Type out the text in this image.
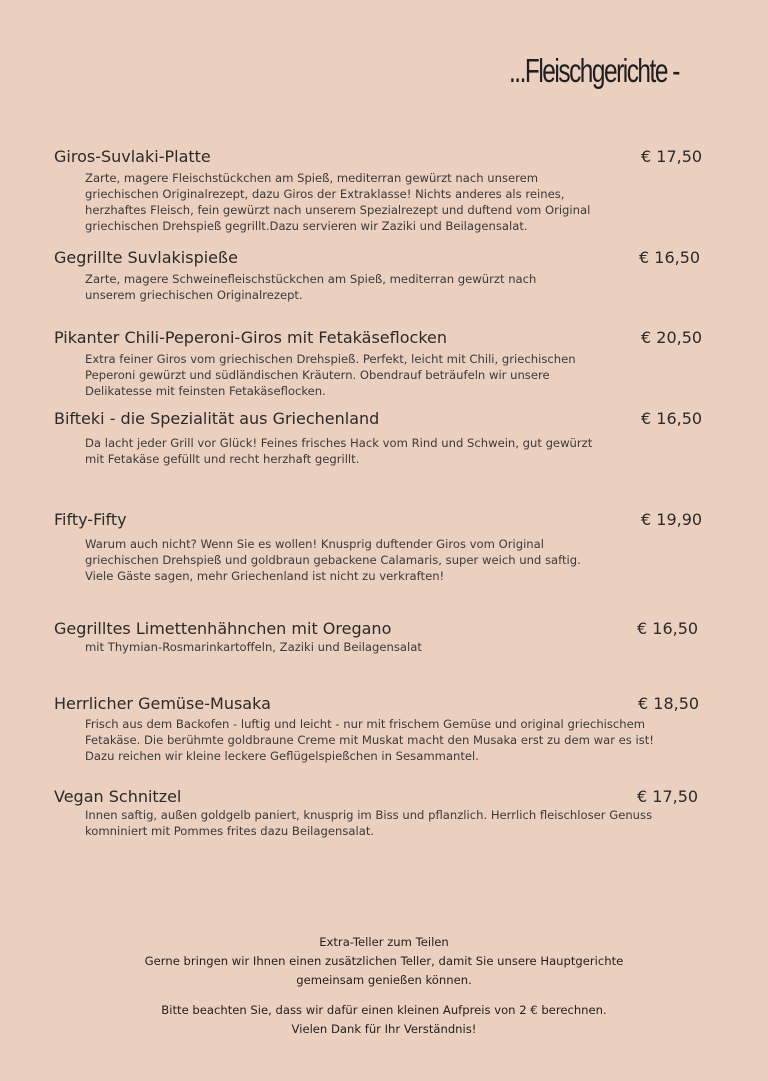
...Fleischgerichte -
Giros-Suvlaki-Platte	€ 17,50
Zarte, magere Fleischstückchen am Spieß, mediterran gewürzt nach unserem
griechischen Originalrezept, dazu Giros der Extraklasse! Nichts anderes als reines,
herzhaftes Fleisch, fein gewürzt nach unserem Spezialrezept und duftend vom Original
griechischen Drehspieß gegrillt.Dazu servieren wir Zaziki und Beilagensalat.
Gegrillte Suvlakispieße	€ 16,50
Zarte, magere Schweinefleischstückchen am Spieß, mediterran gewürzt nach
unserem griechischen Originalrezept.
Pikanter Chili-Peperoni-Giros mit Fetakäseflocken	€ 20,50
Extra feiner Giros vom griechischen Drehspieß. Perfekt, leicht mit Chili, griechischen
Peperoni gewürzt und südländischen Kräutern. Obendrauf beträufeln wir unsere
Delikatesse mit feinsten Fetakäseflocken.
Bifteki - die Spezialität aus Griechenland	€ 16,50
Da lacht jeder Grill vor Glück! Feines frisches Hack vom Rind und Schwein, gut gewürzt
mit Fetakäse gefüllt und recht herzhaft gegrillt.
Fifty-Fifty	€ 19,90
Warum auch nicht? Wenn Sie es wollen! Knusprig duftender Giros vom Original
griechischen Drehspieß und goldbraun gebackene Calamaris, super weich und saftig.
Viele Gäste sagen, mehr Griechenland ist nicht zu verkraften!
Gegrilltes Limettenhähnchen mit Oregano	€ 16,50
mit Thymian-Rosmarinkartoffeln, Zaziki und Beilagensalat
Herrlicher Gemüse-Musaka	€ 18,50
Frisch aus dem Backofen - luftig und leicht - nur mit frischem Gemüse und original griechischem
Fetakäse. Die berühmte goldbraune Creme mit Muskat macht den Musaka erst zu dem war es ist!
Dazu reichen wir kleine leckere Geflügelspießchen in Sesammantel.
Vegan Schnitzel	€ 17,50
Innen saftig, außen goldgelb paniert, knusprig im Biss und pflanzlich. Herrlich fleischloser Genuss
komniniert mit Pommes frites dazu Beilagensalat.
Extra-Teller zum Teilen
Gerne bringen wir Ihnen einen zusätzlichen Teller, damit Sie unsere Hauptgerichte
gemeinsam genießen können.
Bitte beachten Sie, dass wir dafür einen kleinen Aufpreis von 2 € berechnen.
Vielen Dank für Ihr Verständnis!
